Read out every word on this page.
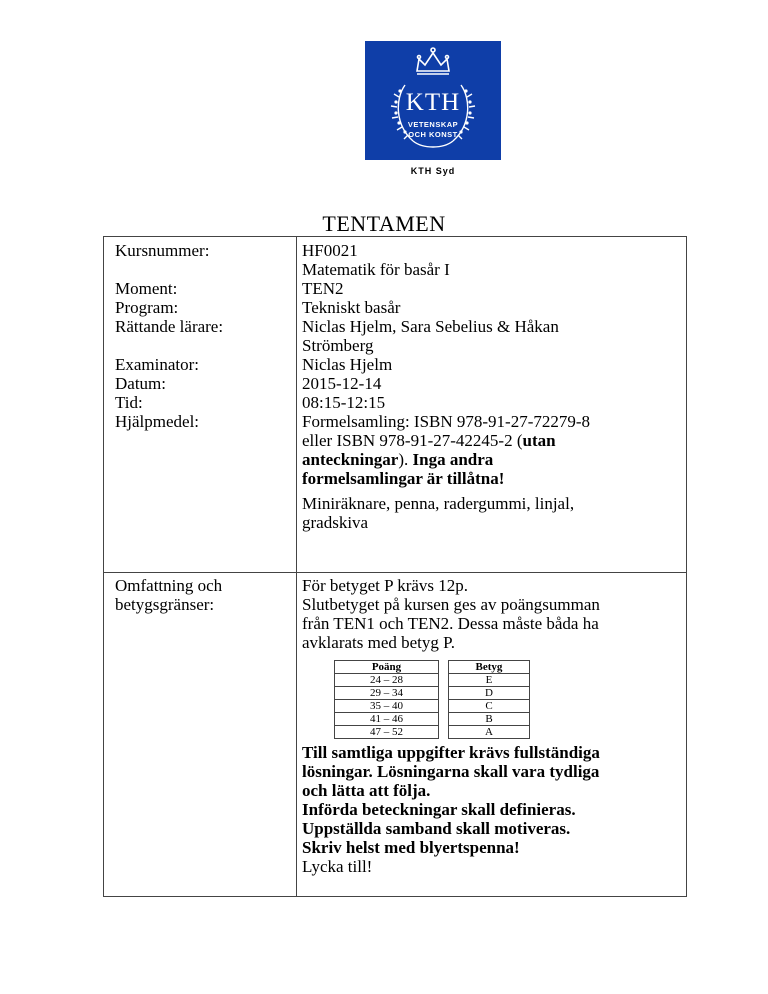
KTH
VETENSKAP
OCH KONST
KTH Syd
TENTAMEN
Kursnummer:	HF0021
Matematik för basår I
Moment:	TEN2
Program:	Tekniskt basår
Rättande lärare:	Niclas Hjelm, Sara Sebelius & Håkan
Strömberg
Examinator:	Niclas Hjelm
Datum:	2015-12-14
Tid:	08:15-12:15
Hjälpmedel:	Formelsamling: ISBN 978-91-27-72279-8
eller ISBN 978-91-27-42245-2 (utan
anteckningar). Inga andra
formelsamlingar är tillåtna!
Miniräknare, penna, radergummi, linjal,
gradskiva
Omfattning och
betygsgränser:
För betyget P krävs 12p.
Slutbetyget på kursen ges av poängsumman
från TEN1 och TEN2. Dessa måste båda ha
avklarats med betyg P.
Poäng		Betyg
24 – 28		E
29 – 34		D
35 – 40		C
41 – 46		B
47 – 52		A
Till samtliga uppgifter krävs fullständiga
lösningar. Lösningarna skall vara tydliga
och lätta att följa.
Införda beteckningar skall definieras.
Uppställda samband skall motiveras.
Skriv helst med blyertspenna!
Lycka till!
